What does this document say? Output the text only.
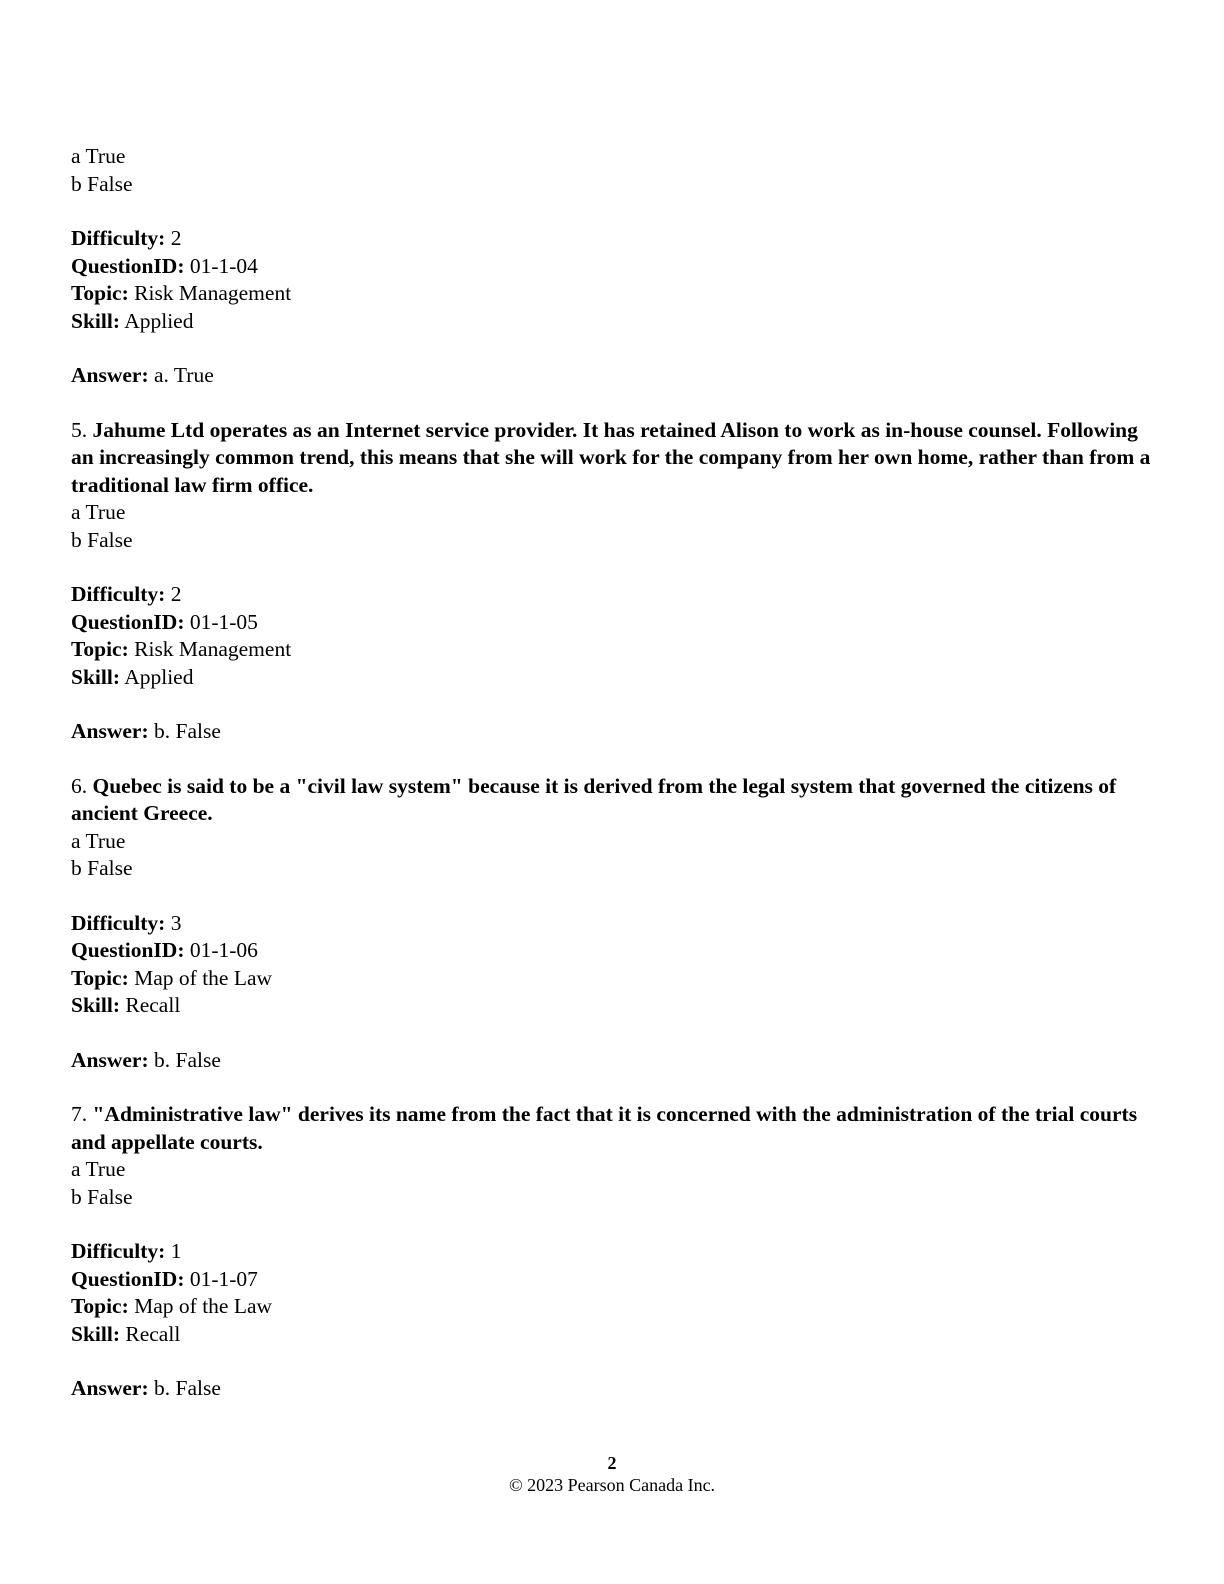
a True
b False
Difficulty: 2
QuestionID: 01-1-04
Topic: Risk Management
Skill: Applied
Answer: a. True
5. Jahume Ltd operates as an Internet service provider. It has retained Alison to work as in-house counsel. Following an increasingly common trend, this means that she will work for the company from her own home, rather than from a traditional law firm office.
a True
b False
Difficulty: 2
QuestionID: 01-1-05
Topic: Risk Management
Skill: Applied
Answer: b. False
6. Quebec is said to be a "civil law system" because it is derived from the legal system that governed the citizens of ancient Greece.
a True
b False
Difficulty: 3
QuestionID: 01-1-06
Topic: Map of the Law
Skill: Recall
Answer: b. False
7. "Administrative law" derives its name from the fact that it is concerned with the administration of the trial courts and appellate courts.
a True
b False
Difficulty: 1
QuestionID: 01-1-07
Topic: Map of the Law
Skill: Recall
Answer: b. False
2
© 2023 Pearson Canada Inc.
